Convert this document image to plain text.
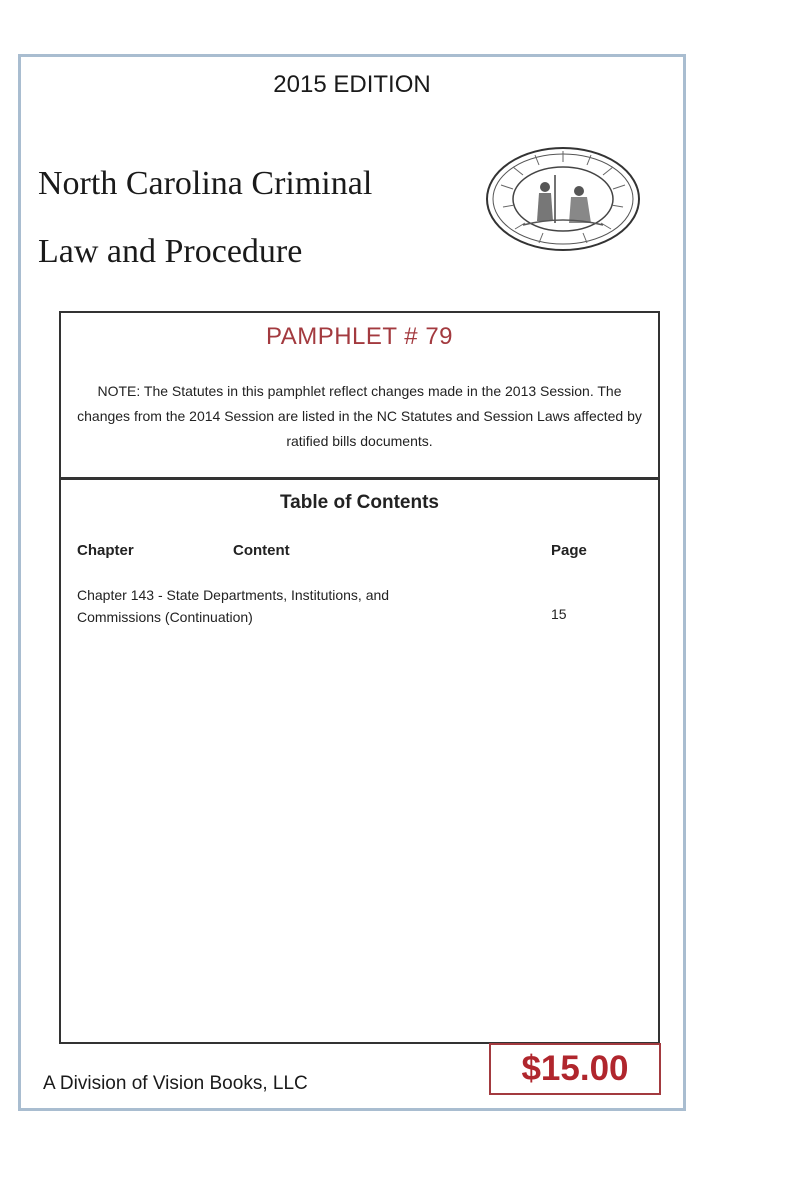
2015 EDITION
North Carolina Criminal
Law and Procedure
PAMPHLET # 79
NOTE: The Statutes in this pamphlet reflect changes made in the 2013 Session. The changes from the 2014 Session are listed in the NC Statutes and Session Laws affected by ratified bills documents.
Table of Contents
Chapter	Content	Page
Chapter 143 - State Departments, Institutions, and Commissions (Continuation)	15
A Division of Vision Books, LLC	$15.00
